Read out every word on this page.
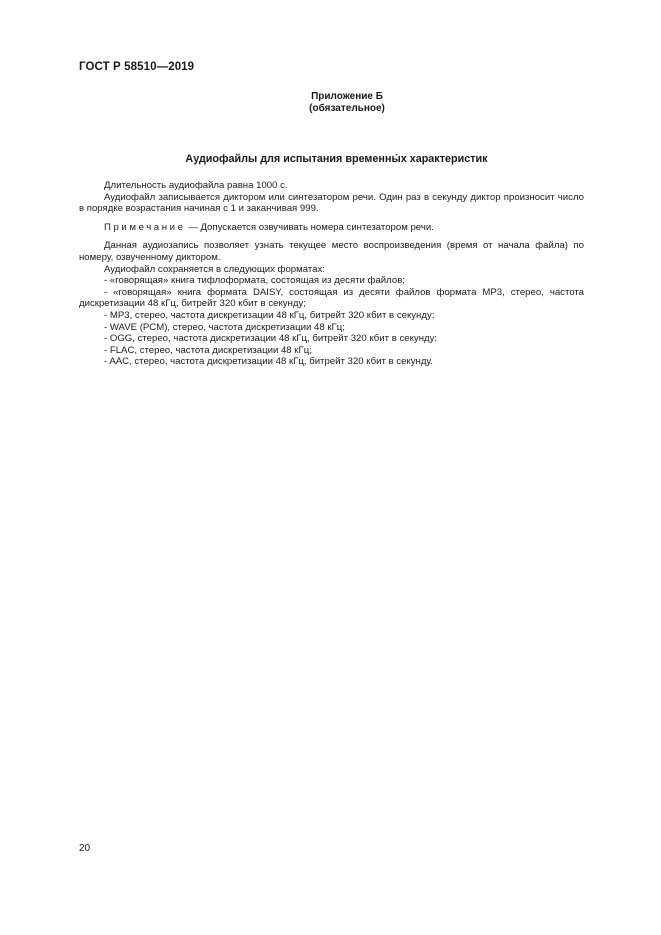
ГОСТ Р 58510—2019
Приложение Б
(обязательное)
Аудиофайлы для испытания временны́х характеристик

Длительность аудиофайла равна 1000 с.

Аудиофайл записывается диктором или синтезатором речи. Один раз в секунду диктор произносит число в порядке возрастания начиная с 1 и заканчивая 999.

Примечание — Допускается озвучивать номера синтезатором речи.

Данная аудиозапись позволяет узнать текущее место воспроизведения (время от начала файла) по номеру, озвученному диктором.

Аудиофайл сохраняется в следующих форматах:

- «говорящая» книга тифлоформата, состоящая из десяти файлов;

- «говорящая» книга формата DAISY, состоящая из десяти файлов формата MP3, стерео, частота дискретизации 48 кГц, битрейт 320 кбит в секунду;

- MP3, стерео, частота дискретизации 48 кГц, битрейт 320 кбит в секунду;

- WAVE (PCM), стерео, частота дискретизации 48 кГц;

- OGG, стерео, частота дискретизации 48 кГц, битрейт 320 кбит в секунду;

- FLAC, стерео, частота дискретизации 48 кГц;

- AAC, стерео, частота дискретизации 48 кГц, битрейт 320 кбит в секунду.

20
